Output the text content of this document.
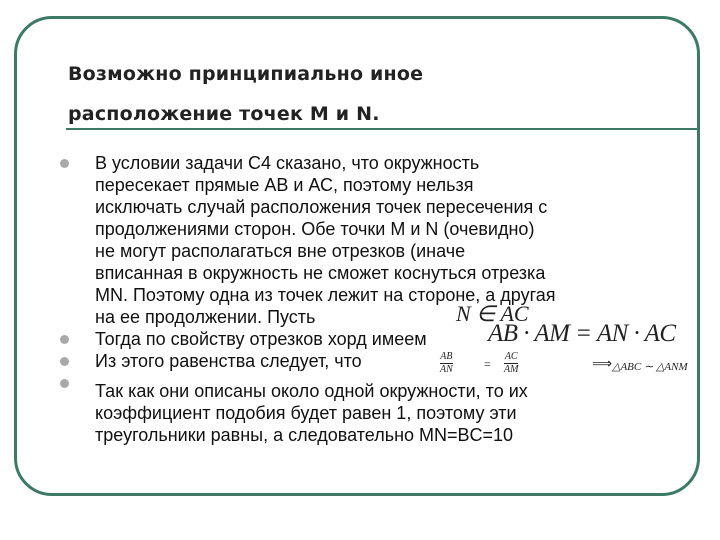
Возможно принципиально иное
расположение точек M и N.
В условии задачи С4 сказано, что окружность
пересекает прямые АВ и АС, поэтому нельзя
исключать случай расположения точек пересечения с
продолжениями сторон. Обе точки M и N (очевидно)
не могут располагаться вне отрезков (иначе
вписанная в окружность не сможет коснуться отрезка
MN. Поэтому одна из точек лежит на стороне, а другая
на ее продолжении. Пусть
Тогда по свойству отрезков хорд имеем
Из этого равенства следует, что
Так как они описаны около одной окружности, то их
коэффициент подобия будет равен 1, поэтому эти
треугольники равны, а следовательно MN=BC=10
N ∈ AC
AB · AM = AN · AC
AB
AN	=
AC
AM	⟹ △ABC ∼ △ANM
